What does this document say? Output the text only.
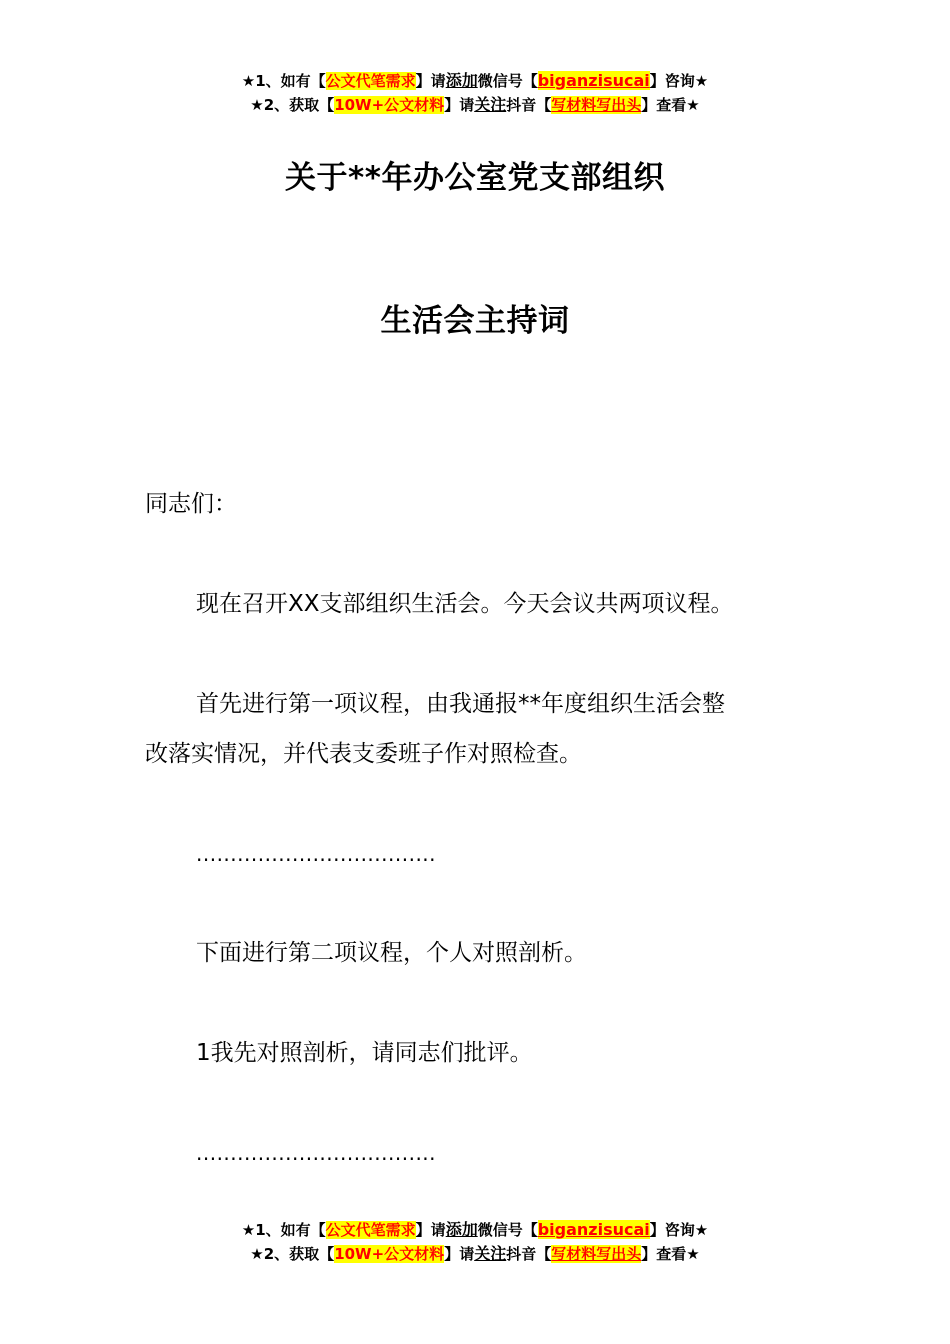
★1、如有【公文代笔需求】请添加微信号【biganzisucai】咨询★
★2、获取【10W+公文材料】请关注抖音【写材料写出头】查看★
关于**年办公室党支部组织
生活会主持词
同志们：
现在召开XX支部组织生活会。今天会议共两项议程。
首先进行第一项议程，由我通报**年度组织生活会整
改落实情况，并代表支委班子作对照检查。
...................................
下面进行第二项议程，个人对照剖析。
1我先对照剖析，请同志们批评。
...................................
★1、如有【公文代笔需求】请添加微信号【biganzisucai】咨询★
★2、获取【10W+公文材料】请关注抖音【写材料写出头】查看★
